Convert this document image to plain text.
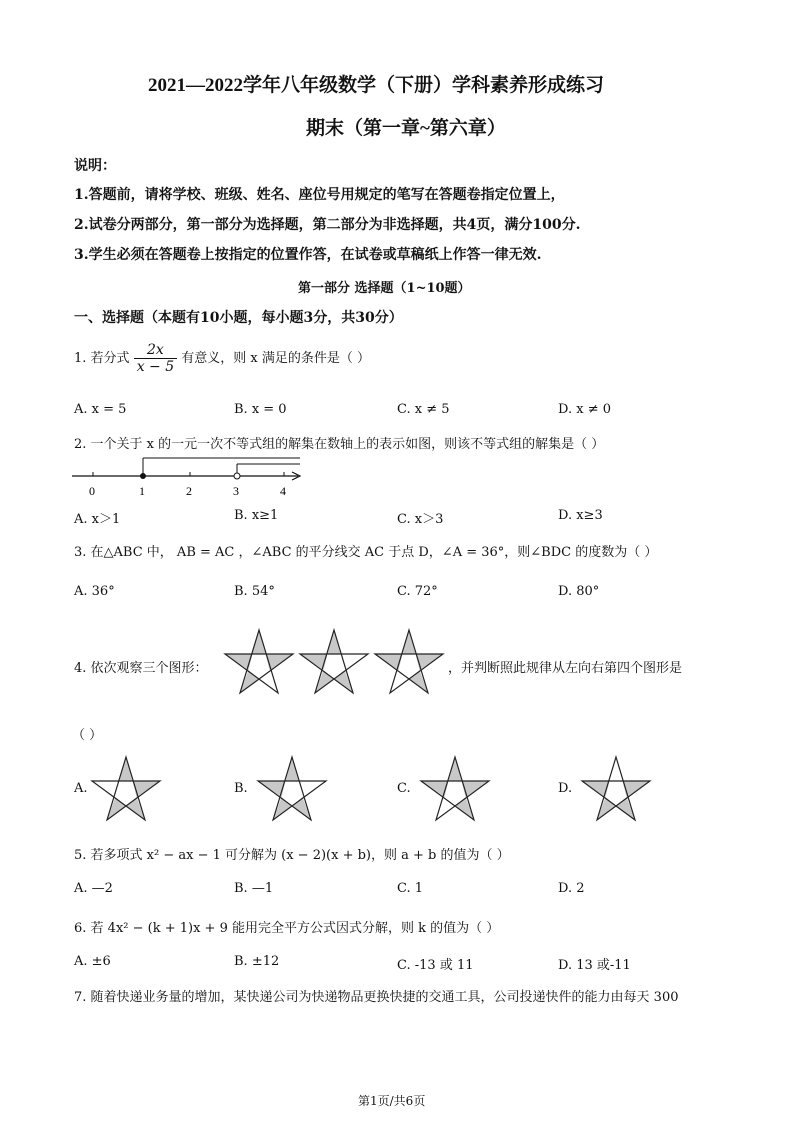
2021—2022学年八年级数学（下册）学科素养形成练习
期末（第一章~第六章）
说明：
1.答题前，请将学校、班级、姓名、座位号用规定的笔写在答题卷指定位置上，
2.试卷分两部分，第一部分为选择题，第二部分为非选择题，共4页，满分100分.
3.学生必须在答题卷上按指定的位置作答，在试卷或草稿纸上作答一律无效.
第一部分 选择题（1~10题）
一、选择题（本题有10小题，每小题3分，共30分）
1. 若分式 $\frac{2x}{x - 5}$ 有意义，则 x 满足的条件是（ ）
A. x = 5	B. x = 0	C. x ≠ 5	D. x ≠ 0
2. 一个关于 x 的一元一次不等式组的解集在数轴上的表示如图，则该不等式组的解集是（ ）
0	1	2	3	4
A. x＞1	B. x≥1	C. x＞3	D. x≥3
3. 在△ABC 中， AB = AC ，∠ABC 的平分线交 AC 于点 D，∠A = 36°，则∠BDC 的度数为（ ）
A. 36°	B. 54°	C. 72°	D. 80°
4. 依次观察三个图形：	，并判断照此规律从左向右第四个图形是
（ ）
A.	B.	C.	D.
5. 若多项式 x² − ax − 1 可分解为 (x − 2)(x + b)，则 a + b 的值为（ ）
A. —2	B. —1	C. 1	D. 2
6. 若 4x² − (k + 1)x + 9 能用完全平方公式因式分解，则 k 的值为（ ）
A. ±6	B. ±12	C. -13 或 11	D. 13 或-11
7. 随着快递业务量的增加，某快递公司为快递物品更换快捷的交通工具，公司投递快件的能力由每天 300
第1页/共6页
